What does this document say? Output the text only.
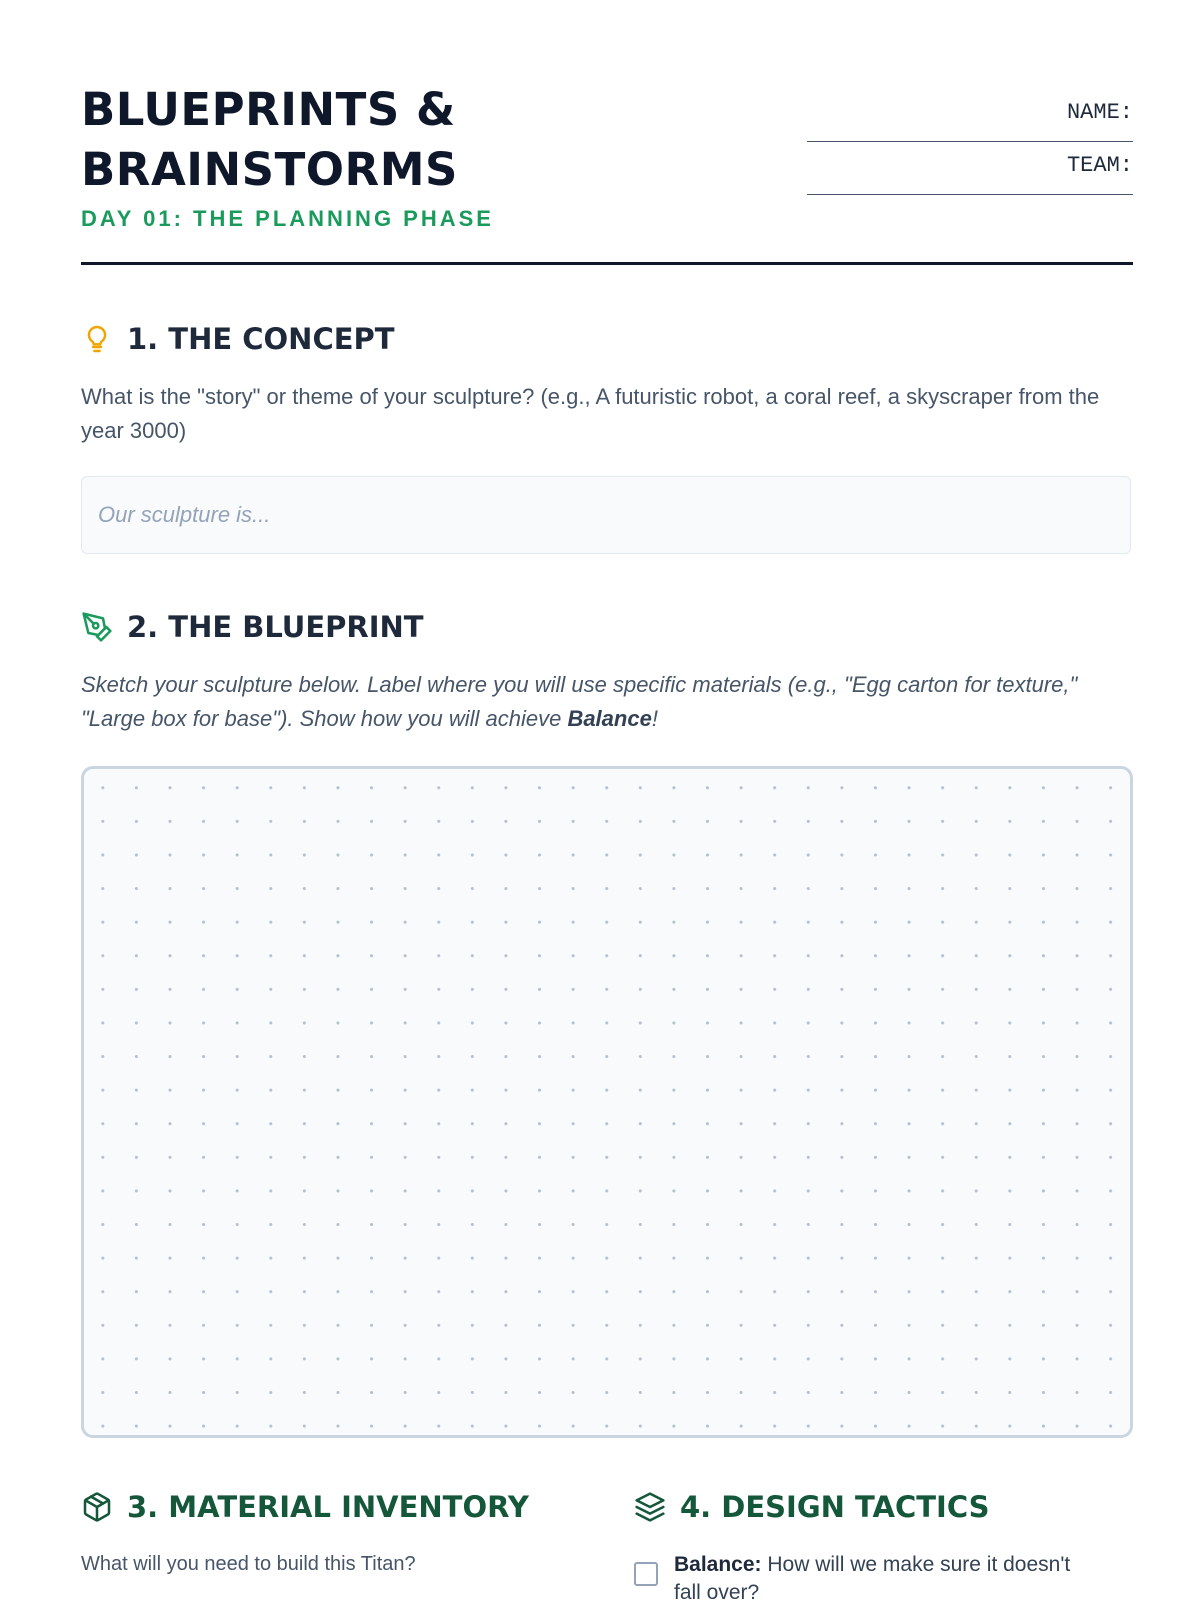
BLUEPRINTS &
BRAINSTORMS
DAY 01: THE PLANNING PHASE
NAME:
TEAM:
1. THE CONCEPT
What is the "story" or theme of your sculpture? (e.g., A futuristic robot, a coral reef, a skyscraper from the year 3000)
Our sculpture is...
2. THE BLUEPRINT
Sketch your sculpture below. Label where you will use specific materials (e.g., "Egg carton for texture," "Large box for base"). Show how you will achieve Balance!
3. MATERIAL INVENTORY
What will you need to build this Titan?
4. DESIGN TACTICS
Balance: How will we make sure it doesn't fall over?
